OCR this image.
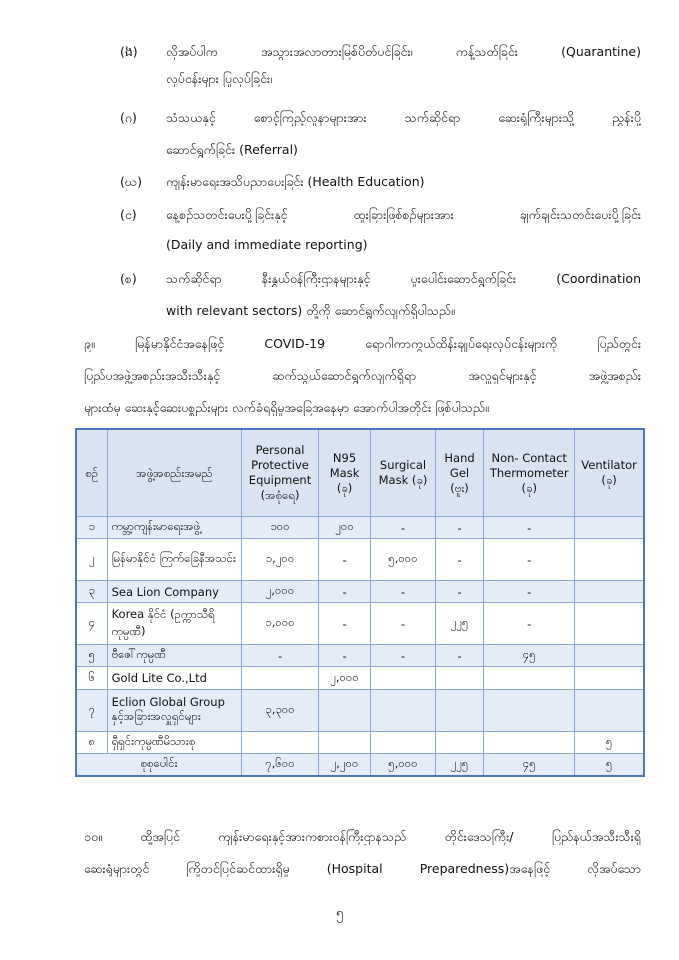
(ង)	လိုအပ်ပါက အသွားအလာတားမြစ်ပိတ်ပင်ခြင်း၊ ကန့်သတ်ခြင်း (Quarantine)
လုပ်ငန်းများ ပြုလုပ်ခြင်း၊
(ဂ)	သံသယနှင့် စောင့်ကြည့်လူနာများအား သက်ဆိုင်ရာ ဆေးရုံကြီးများသို့ ညွှန်းပို့
ဆောင်ရွက်ခြင်း (Referral)
(ဃ)	ကျန်းမာရေးအသိပညာပေးခြင်း (Health Education)
(င)	နေ့စဉ်သတင်းပေးပို့ခြင်းနှင့် ထူးခြားဖြစ်စဉ်များအား ချက်ချင်းသတင်းပေးပို့ခြင်း
(Daily and immediate reporting)
(စ)	သက်ဆိုင်ရာ နီးနွှယ်ဝန်ကြီးဌာနများနှင့် ပူးပေါင်းဆောင်ရွက်ခြင်း (Coordination
with relevant sectors) တို့ကို ဆောင်ရွက်လျက်ရှိပါသည်။
၉။ မြန်မာနိုင်ငံအနေဖြင့် COVID-19 ရောဂါကာကွယ်ထိန်းချုပ်ရေးလုပ်ငန်းများကို ပြည်တွင်း
ပြည်ပအဖွဲ့အစည်းအသီးသီးနှင့် ဆက်သွယ်ဆောင်ရွက်လျက်ရှိရာ အလှူရှင်များနှင့် အဖွဲ့အစည်း
များထံမှ ဆေးနှင့်ဆေးပစ္စည်းများ လက်ခံရရှိမှုအခြေအနေမှာ အောက်ပါအတိုင်း ဖြစ်ပါသည်။
စဉ်	အဖွဲ့အစည်းအမည်	Personal Protective Equipment (အစုံရေ)	N95 Mask (ခု)	Surgical Mask (ခု)	Hand Gel (ဗူး)	Non- Contact Thermometer (ခု)	Ventilator (ခု)
၁	ကမ္ဘာ့ကျန်းမာရေးအဖွဲ့	၁၀၀	၂၀၀	-	-	-	
၂	မြန်မာနိုင်ငံ ကြက်ခြေနီအသင်း	၁,၂၀၀	-	၅,၀၀၀	-	-	
၃	Sea Lion Company	၂,၀၀၀	-	-	-	-	
၄	Korea နိုင်ငံ (ဥက္ကာသီရိကုမ္ပဏီ)	၁,၀၀၀	-	-	၂၂၅	-	
၅	ဗီဇေါ်ကုမ္ပဏီ	-	-	-	-	၄၅	
၆	Gold Lite Co.,Ltd		၂,၀၀၀				
၇	Eclion Global Group နှင့်အခြားအလှူရှင်များ	၃,၃၀၀					
၈	ရှီရှင်းကုမ္ပဏီမိသားစု						၅
စုစုပေါင်း		၇,၆၀၀	၂,၂၀၀	၅,၀၀၀	၂၂၅	၄၅	၅
၁၀။ ထို့အပြင် ကျန်းမာရေးနှင့်အားကစားဝန်ကြီးဌာနသည် တိုင်းဒေသကြီး/ ပြည်နယ်အသီးသီးရှိ
ဆေးရုံများတွင် ကြိုတင်ပြင်ဆင်ထားရှိမှု (Hospital Preparedness)အနေဖြင့် လိုအပ်သော
၅
